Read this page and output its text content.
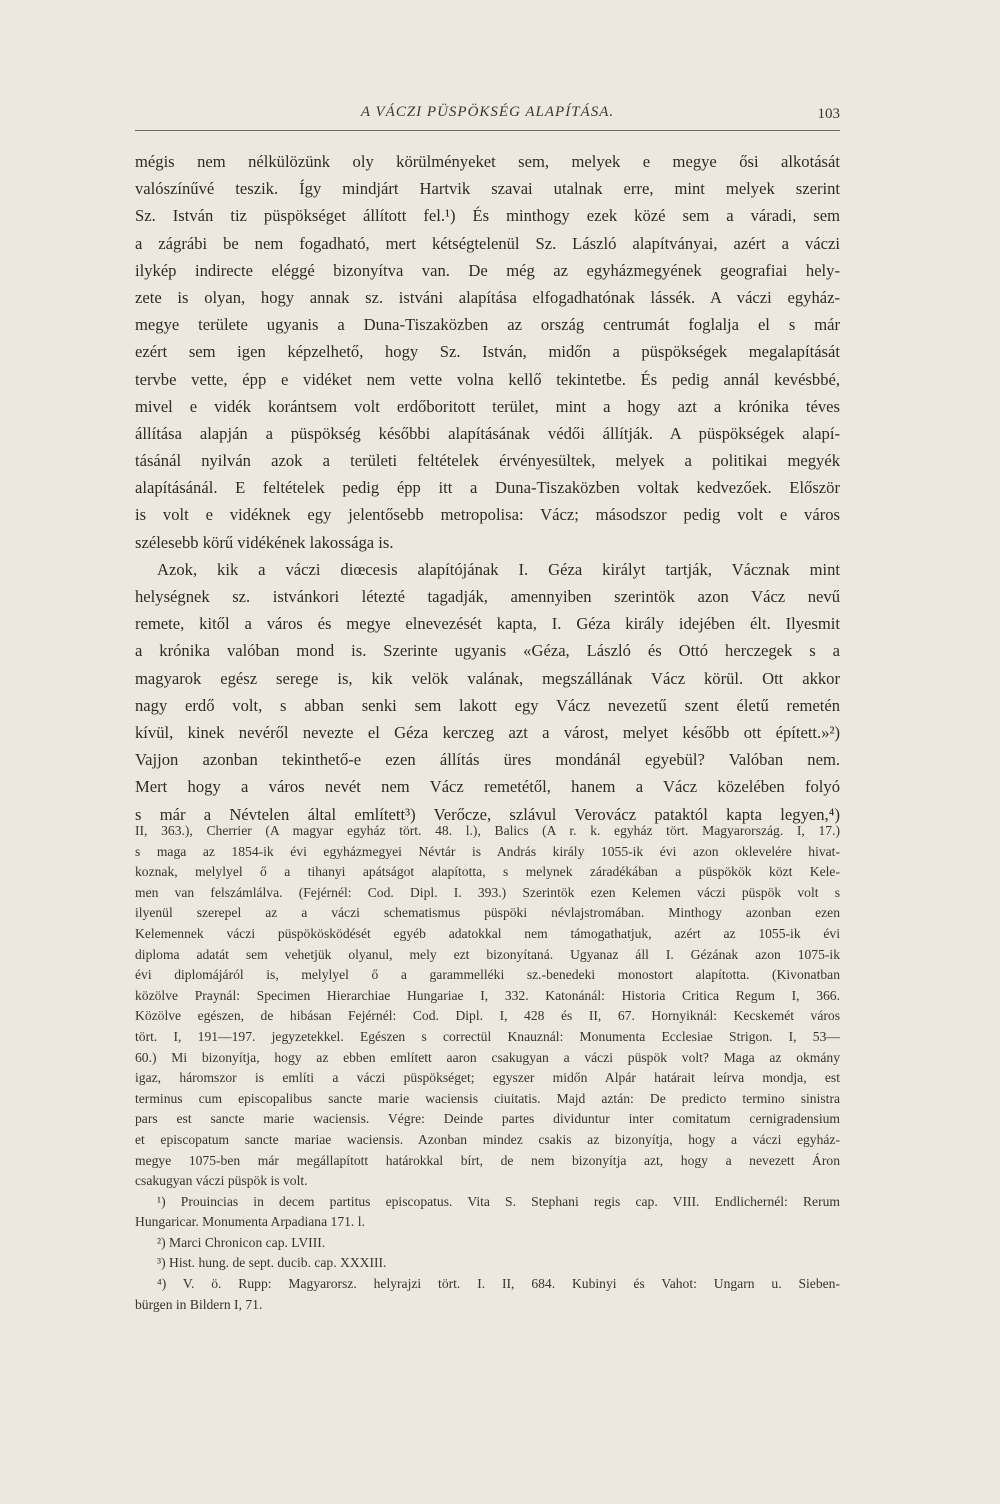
A VÁCZI PÜSPÖKSÉG ALAPÍTÁSA.	103
mégis nem nélkülözünk oly körülményeket sem, melyek e megye ősi alkotását
valószínűvé teszik. Így mindjárt Hartvik szavai utalnak erre, mint melyek szerint
Sz. István tiz püspökséget állított fel.¹) És minthogy ezek közé sem a váradi, sem
a zágrábi be nem fogadható, mert kétségtelenül Sz. László alapítványai, azért a váczi
ilykép indirecte eléggé bizonyítva van. De még az egyházmegyének geografiai hely-
zete is olyan, hogy annak sz. istváni alapítása elfogadhatónak lássék. A váczi egyház-
megye területe ugyanis a Duna-Tiszaközben az ország centrumát foglalja el s már
ezért sem igen képzelhető, hogy Sz. István, midőn a püspökségek megalapítását
tervbe vette, épp e vidéket nem vette volna kellő tekintetbe. És pedig annál kevésbbé,
mivel e vidék korántsem volt erdőboritott terület, mint a hogy azt a krónika téves
állítása alapján a püspökség későbbi alapításának védői állítják. A püspökségek alapí-
tásánál nyilván azok a területi feltételek érvényesültek, melyek a politikai megyék
alapításánál. E feltételek pedig épp itt a Duna-Tiszaközben voltak kedvezőek. Először
is volt e vidéknek egy jelentősebb metropolisa: Vácz; másodszor pedig volt e város
szélesebb körű vidékének lakossága is.
Azok, kik a váczi diœcesis alapítójának I. Géza királyt tartják, Vácznak mint
helységnek sz. istvánkori létezté tagadják, amennyiben szerintök azon Vácz nevű
remete, kitől a város és megye elnevezését kapta, I. Géza király idejében élt. Ilyesmit
a krónika valóban mond is. Szerinte ugyanis «Géza, László és Ottó herczegek s a
magyarok egész serege is, kik velök valának, megszállának Vácz körül. Ott akkor
nagy erdő volt, s abban senki sem lakott egy Vácz nevezetű szent életű remetén
kívül, kinek nevéről nevezte el Géza kerczeg azt a várost, melyet később ott épített.»²)
Vajjon azonban tekinthető-e ezen állítás üres mondánál egyebül? Valóban nem.
Mert hogy a város nevét nem Vácz remetétől, hanem a Vácz közelében folyó
s már a Névtelen által említett³) Verőcze, szlávul Verovácz pataktól kapta legyen,⁴)
II, 363.), Cherrier (A magyar egyház tört. 48. l.), Balics (A r. k. egyház tört. Magyarország. I, 17.)
s maga az 1854-ik évi egyházmegyei Névtár is András király 1055-ik évi azon oklevelére hivat-
koznak, melylyel ő a tihanyi apátságot alapította, s melynek záradékában a püspökök közt Kele-
men van felszámlálva. (Fejérnél: Cod. Dipl. I. 393.) Szerintök ezen Kelemen váczi püspök volt s
ilyenül szerepel az a váczi schematismus püspöki névlajstromában. Minthogy azonban ezen
Kelemennek váczi püspökösködését egyéb adatokkal nem támogathatjuk, azért az 1055-ik évi
diploma adatát sem vehetjük olyanul, mely ezt bizonyítaná. Ugyanaz áll I. Gézának azon 1075-ik
évi diplomájáról is, melylyel ő a garammelléki sz.-benedeki monostort alapította. (Kivonatban
közölve Praynál: Specimen Hierarchiae Hungariae I, 332. Katonánál: Historia Critica Regum I, 366.
Közölve egészen, de hibásan Fejérnél: Cod. Dipl. I, 428 és II, 67. Hornyiknál: Kecskemét város
tört. I, 191—197. jegyzetekkel. Egészen s correctül Knauznál: Monumenta Ecclesiae Strigon. I, 53—
60.) Mi bizonyítja, hogy az ebben említett aaron csakugyan a váczi püspök volt? Maga az okmány
igaz, háromszor is említi a váczi püspökséget; egyszer midőn Alpár határait leírva mondja, est
terminus cum episcopalibus sancte marie waciensis ciuitatis. Majd aztán: De predicto termino sinistra
pars est sancte marie waciensis. Végre: Deinde partes dividuntur inter comitatum cernigradensium
et episcopatum sancte mariae waciensis. Azonban mindez csakis az bizonyítja, hogy a váczi egyház-
megye 1075-ben már megállapított határokkal bírt, de nem bizonyítja azt, hogy a nevezett Áron
csakugyan váczi püspök is volt.
¹) Prouincias in decem partitus episcopatus. Vita S. Stephani regis cap. VIII. Endlichernél: Rerum
Hungaricar. Monumenta Arpadiana 171. l.
²) Marci Chronicon cap. LVIII.
³) Hist. hung. de sept. ducib. cap. XXXIII.
⁴) V. ö. Rupp: Magyarorsz. helyrajzi tört. I. II, 684. Kubinyi és Vahot: Ungarn u. Sieben-
bürgen in Bildern I, 71.
